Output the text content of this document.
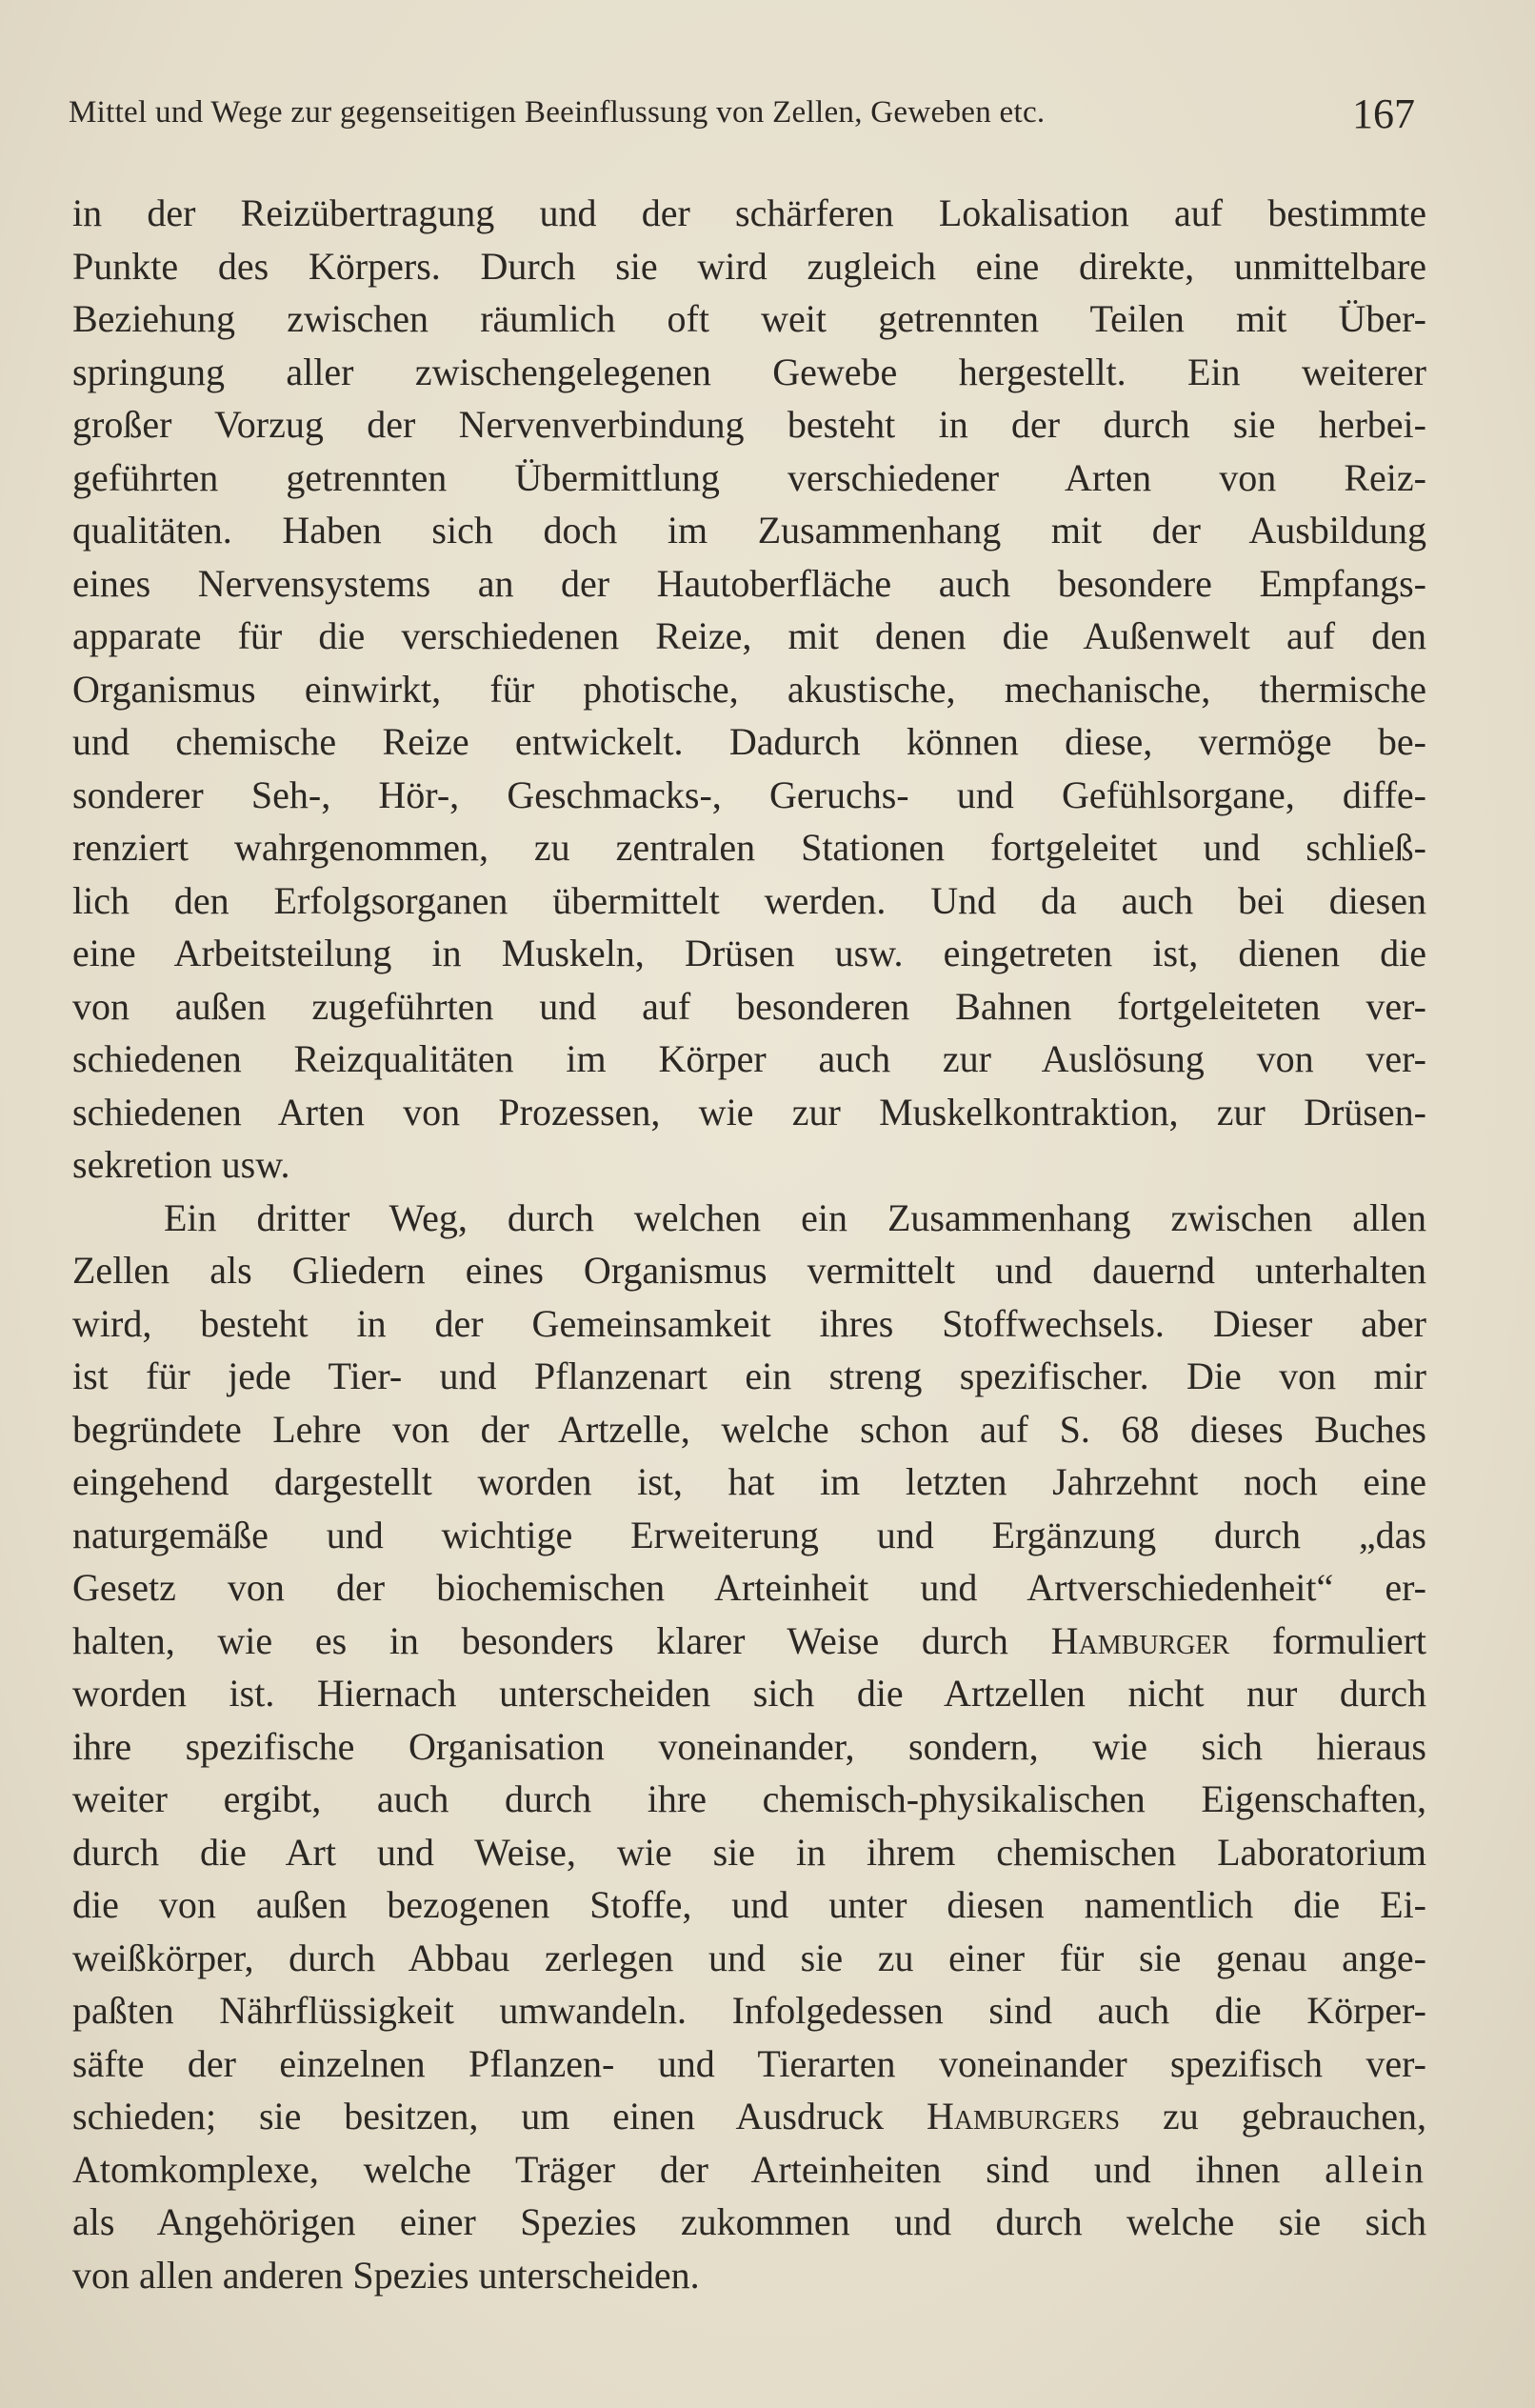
Mittel und Wege zur gegenseitigen Beeinflussung von Zellen, Geweben etc.	167
in der Reizübertragung und der schärferen Lokalisation auf bestimmte
Punkte des Körpers. Durch sie wird zugleich eine direkte, unmittelbare
Beziehung zwischen räumlich oft weit getrennten Teilen mit Über-
springung aller zwischengelegenen Gewebe hergestellt. Ein weiterer
großer Vorzug der Nervenverbindung besteht in der durch sie herbei-
geführten getrennten Übermittlung verschiedener Arten von Reiz-
qualitäten. Haben sich doch im Zusammenhang mit der Ausbildung
eines Nervensystems an der Hautoberfläche auch besondere Empfangs-
apparate für die verschiedenen Reize, mit denen die Außenwelt auf den
Organismus einwirkt, für photische, akustische, mechanische, thermische
und chemische Reize entwickelt. Dadurch können diese, vermöge be-
sonderer Seh-, Hör-, Geschmacks-, Geruchs- und Gefühlsorgane, diffe-
renziert wahrgenommen, zu zentralen Stationen fortgeleitet und schließ-
lich den Erfolgsorganen übermittelt werden. Und da auch bei diesen
eine Arbeitsteilung in Muskeln, Drüsen usw. eingetreten ist, dienen die
von außen zugeführten und auf besonderen Bahnen fortgeleiteten ver-
schiedenen Reizqualitäten im Körper auch zur Auslösung von ver-
schiedenen Arten von Prozessen, wie zur Muskelkontraktion, zur Drüsen-
sekretion usw.
Ein dritter Weg, durch welchen ein Zusammenhang zwischen allen
Zellen als Gliedern eines Organismus vermittelt und dauernd unterhalten
wird, besteht in der Gemeinsamkeit ihres Stoffwechsels. Dieser aber
ist für jede Tier- und Pflanzenart ein streng spezifischer. Die von mir
begründete Lehre von der Artzelle, welche schon auf S. 68 dieses Buches
eingehend dargestellt worden ist, hat im letzten Jahrzehnt noch eine
naturgemäße und wichtige Erweiterung und Ergänzung durch „das
Gesetz von der biochemischen Arteinheit und Artverschiedenheit“ er-
halten, wie es in besonders klarer Weise durch Hamburger formuliert
worden ist. Hiernach unterscheiden sich die Artzellen nicht nur durch
ihre spezifische Organisation voneinander, sondern, wie sich hieraus
weiter ergibt, auch durch ihre chemisch-physikalischen Eigenschaften,
durch die Art und Weise, wie sie in ihrem chemischen Laboratorium
die von außen bezogenen Stoffe, und unter diesen namentlich die Ei-
weißkörper, durch Abbau zerlegen und sie zu einer für sie genau ange-
paßten Nährflüssigkeit umwandeln. Infolgedessen sind auch die Körper-
säfte der einzelnen Pflanzen- und Tierarten voneinander spezifisch ver-
schieden; sie besitzen, um einen Ausdruck Hamburgers zu gebrauchen,
Atomkomplexe, welche Träger der Arteinheiten sind und ihnen allein
als Angehörigen einer Spezies zukommen und durch welche sie sich
von allen anderen Spezies unterscheiden.
